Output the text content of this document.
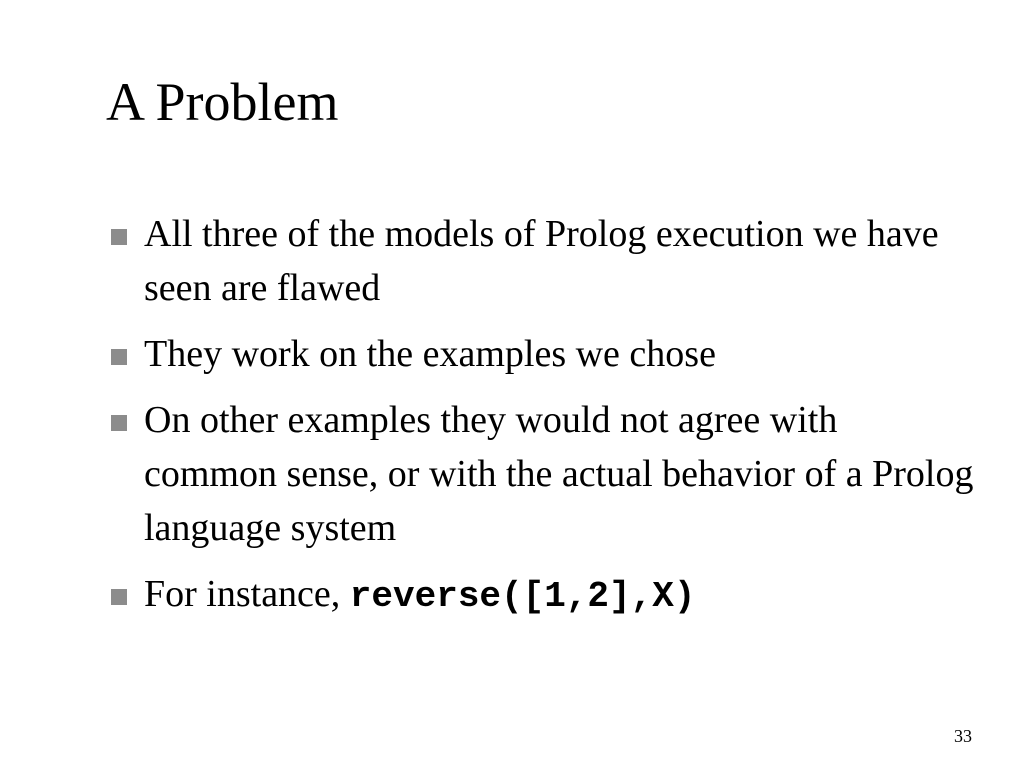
A Problem
All three of the models of Prolog execution we have seen are flawed
They work on the examples we chose
On other examples they would not agree with common sense, or with the actual behavior of a Prolog language system
For instance, reverse([1,2],X)
33
